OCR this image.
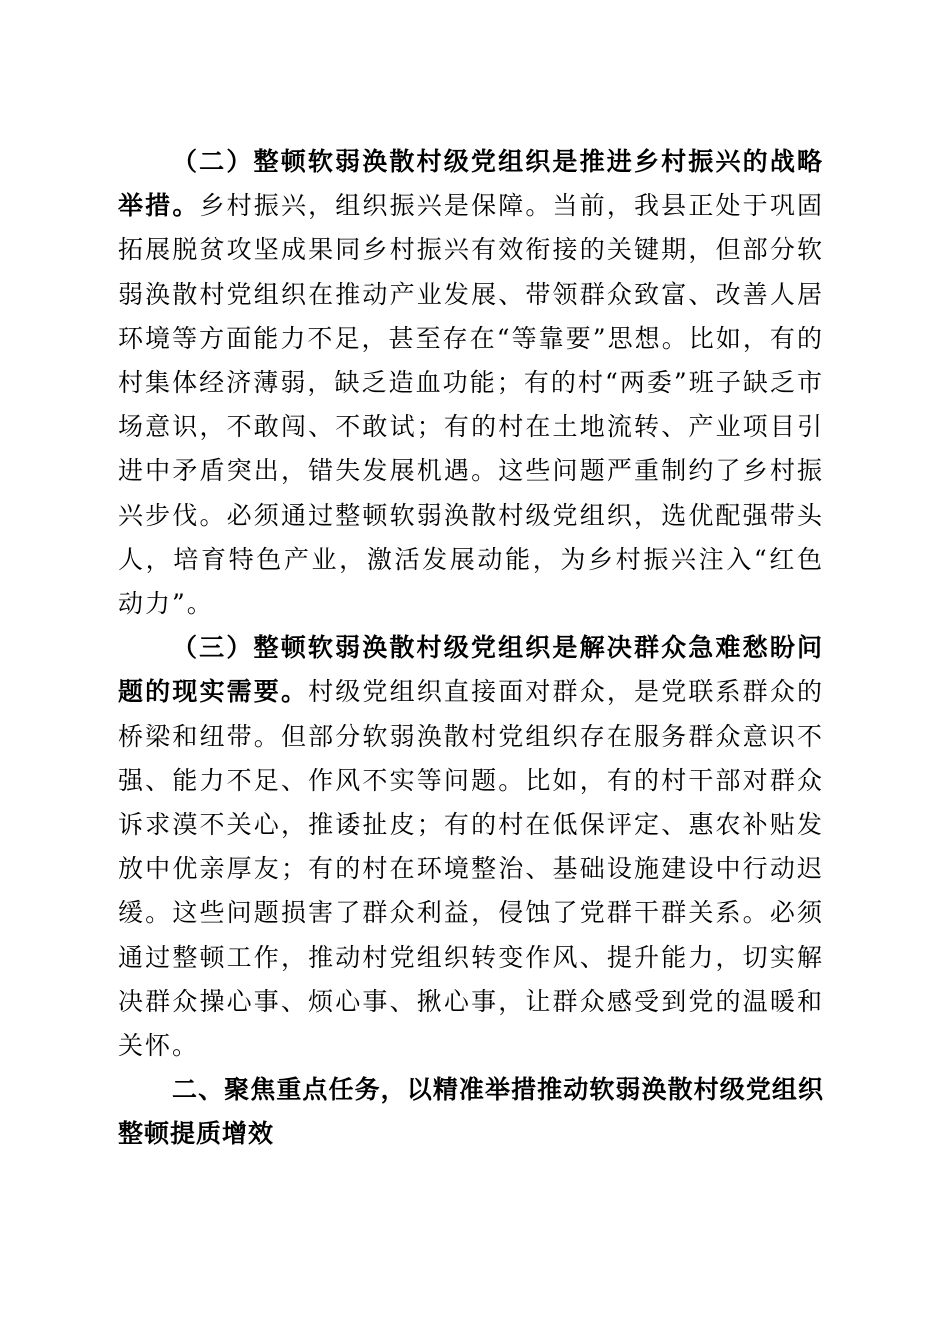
（二）整顿软弱涣散村级党组织是推进乡村振兴的战略举措。乡村振兴，组织振兴是保障。当前，我县正处于巩固拓展脱贫攻坚成果同乡村振兴有效衔接的关键期，但部分软弱涣散村党组织在推动产业发展、带领群众致富、改善人居环境等方面能力不足，甚至存在“等靠要”思想。比如，有的村集体经济薄弱，缺乏造血功能；有的村“两委”班子缺乏市场意识，不敢闯、不敢试；有的村在土地流转、产业项目引进中矛盾突出，错失发展机遇。这些问题严重制约了乡村振兴步伐。必须通过整顿软弱涣散村级党组织，选优配强带头人，培育特色产业，激活发展动能，为乡村振兴注入“红色动力”。

（三）整顿软弱涣散村级党组织是解决群众急难愁盼问题的现实需要。村级党组织直接面对群众，是党联系群众的桥梁和纽带。但部分软弱涣散村党组织存在服务群众意识不强、能力不足、作风不实等问题。比如，有的村干部对群众诉求漠不关心，推诿扯皮；有的村在低保评定、惠农补贴发放中优亲厚友；有的村在环境整治、基础设施建设中行动迟缓。这些问题损害了群众利益，侵蚀了党群干群关系。必须通过整顿工作，推动村党组织转变作风、提升能力，切实解决群众操心事、烦心事、揪心事，让群众感受到党的温暖和关怀。

二、聚焦重点任务，以精准举措推动软弱涣散村级党组织整顿提质增效
